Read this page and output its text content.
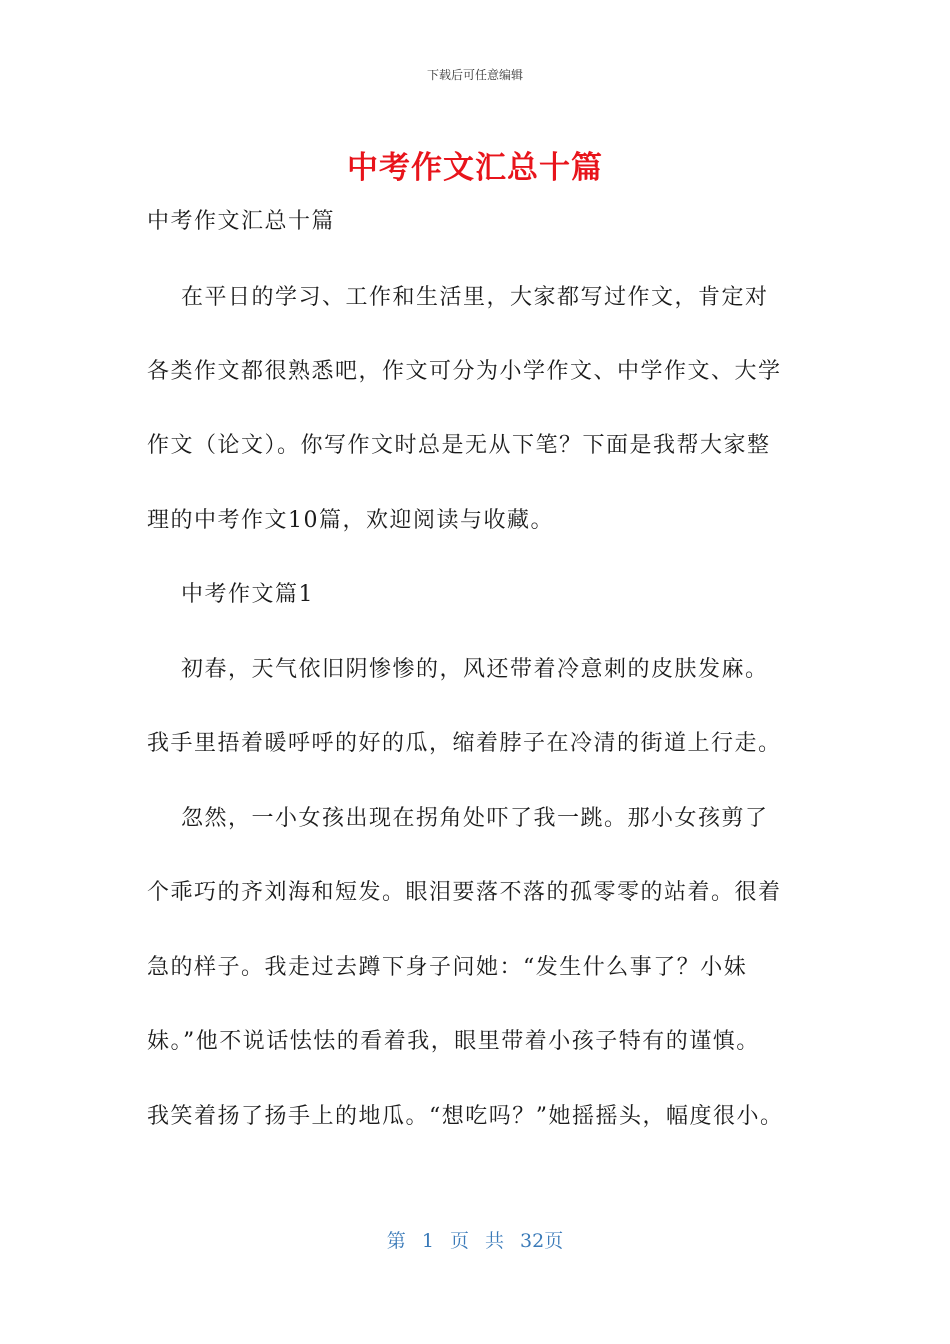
下载后可任意编辑
中考作文汇总十篇
中考作文汇总十篇
在平日的学习、工作和生活里，大家都写过作文，肯定对
各类作文都很熟悉吧，作文可分为小学作文、中学作文、大学
作文（论文）。你写作文时总是无从下笔？下面是我帮大家整
理的中考作文10篇，欢迎阅读与收藏。
中考作文篇1
初春，天气依旧阴惨惨的，风还带着冷意刺的皮肤发麻。
我手里捂着暖呼呼的好的瓜，缩着脖子在冷清的街道上行走。
忽然，一小女孩出现在拐角处吓了我一跳。那小女孩剪了
个乖巧的齐刘海和短发。眼泪要落不落的孤零零的站着。很着
急的样子。我走过去蹲下身子问她：“发生什么事了？小妹
妹。”他不说话怯怯的看着我，眼里带着小孩子特有的谨慎。
我笑着扬了扬手上的地瓜。“想吃吗？”她摇摇头，幅度很小。
第 1 页 共 32页
